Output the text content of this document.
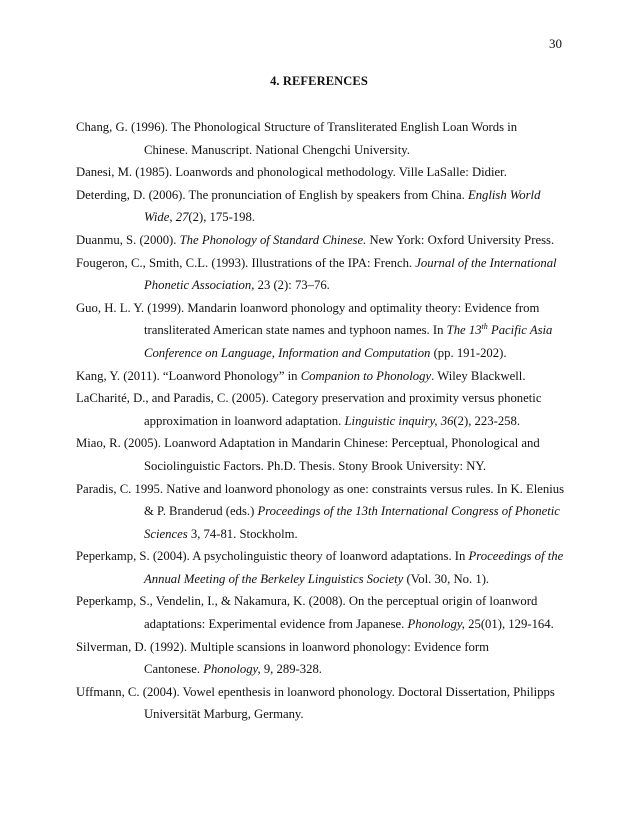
30
4. REFERENCES
Chang, G. (1996). The Phonological Structure of Transliterated English Loan Words in
Chinese. Manuscript. National Chengchi University.
Danesi, M. (1985). Loanwords and phonological methodology. Ville LaSalle: Didier.
Deterding, D. (2006). The pronunciation of English by speakers from China. English World
Wide, 27(2), 175-198.
Duanmu, S. (2000). The Phonology of Standard Chinese. New York: Oxford University Press.
Fougeron, C., Smith, C.L. (1993). Illustrations of the IPA: French. Journal of the International
Phonetic Association, 23 (2): 73–76.
Guo, H. L. Y. (1999). Mandarin loanword phonology and optimality theory: Evidence from
transliterated American state names and typhoon names. In The 13th Pacific Asia
Conference on Language, Information and Computation (pp. 191-202).
Kang, Y. (2011). “Loanword Phonology” in Companion to Phonology. Wiley Blackwell.
LaCharité, D., and Paradis, C. (2005). Category preservation and proximity versus phonetic
approximation in loanword adaptation. Linguistic inquiry, 36(2), 223-258.
Miao, R. (2005). Loanword Adaptation in Mandarin Chinese: Perceptual, Phonological and
Sociolinguistic Factors. Ph.D. Thesis. Stony Brook University: NY.
Paradis, C. 1995. Native and loanword phonology as one: constraints versus rules. In K. Elenius
& P. Branderud (eds.) Proceedings of the 13th International Congress of Phonetic
Sciences 3, 74-81. Stockholm.
Peperkamp, S. (2004). A psycholinguistic theory of loanword adaptations. In Proceedings of the
Annual Meeting of the Berkeley Linguistics Society (Vol. 30, No. 1).
Peperkamp, S., Vendelin, I., & Nakamura, K. (2008). On the perceptual origin of loanword
adaptations: Experimental evidence from Japanese. Phonology, 25(01), 129-164.
Silverman, D. (1992). Multiple scansions in loanword phonology: Evidence form
Cantonese. Phonology, 9, 289-328.
Uffmann, C. (2004). Vowel epenthesis in loanword phonology. Doctoral Dissertation, Philipps
Universität Marburg, Germany.
